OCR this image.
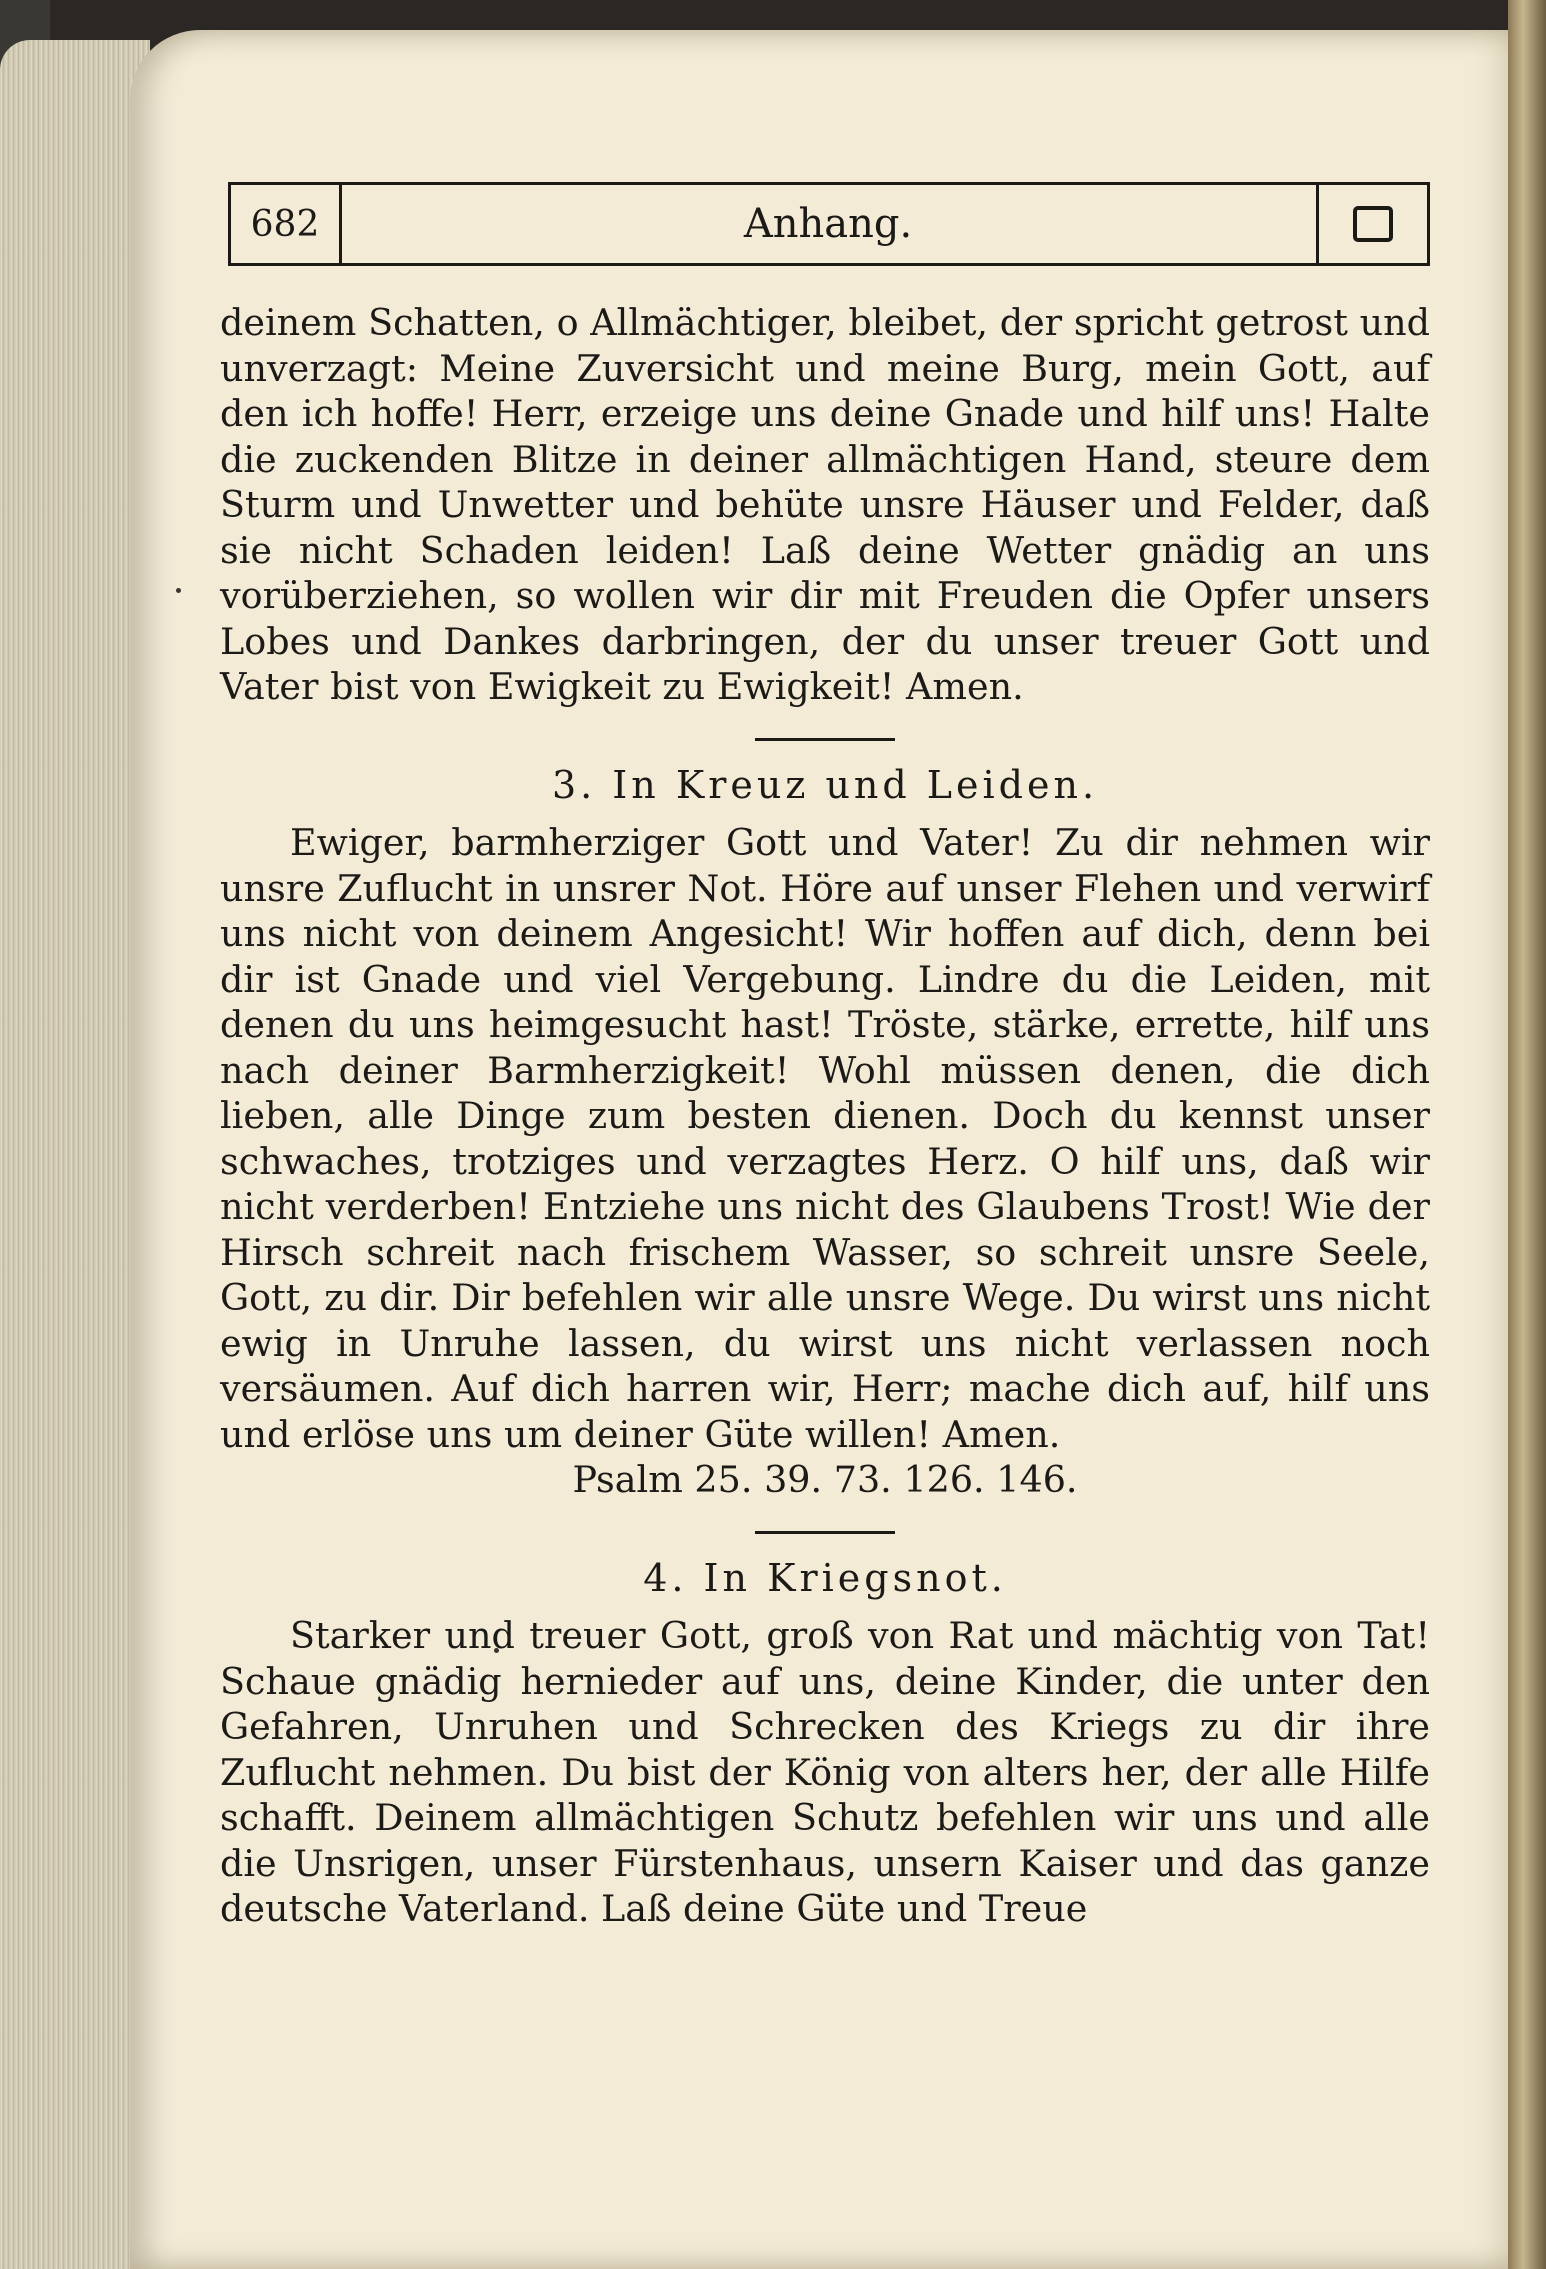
682	Anhang.

deinem Schatten, o Allmächtiger, bleibet, der spricht getrost und unverzagt: Meine Zuversicht und meine Burg, mein Gott, auf den ich hoffe! Herr, erzeige uns deine Gnade und hilf uns! Halte die zuckenden Blitze in deiner allmächtigen Hand, steure dem Sturm und Unwetter und behüte unsre Häuser und Felder, daß sie nicht Schaden leiden! Laß deine Wetter gnädig an uns vorüberziehen, so wollen wir dir mit Freuden die Opfer unsers Lobes und Dankes darbringen, der du unser treuer Gott und Vater bist von Ewigkeit zu Ewigkeit! Amen.

3. In Kreuz und Leiden.

Ewiger, barmherziger Gott und Vater! Zu dir nehmen wir unsre Zuflucht in unsrer Not. Höre auf unser Flehen und verwirf uns nicht von deinem Angesicht! Wir hoffen auf dich, denn bei dir ist Gnade und viel Vergebung. Lindre du die Leiden, mit denen du uns heimgesucht hast! Tröste, stärke, errette, hilf uns nach deiner Barmherzigkeit! Wohl müssen denen, die dich lieben, alle Dinge zum besten dienen. Doch du kennst unser schwaches, trotziges und verzagtes Herz. O hilf uns, daß wir nicht verderben! Entziehe uns nicht des Glaubens Trost! Wie der Hirsch schreit nach frischem Wasser, so schreit unsre Seele, Gott, zu dir. Dir befehlen wir alle unsre Wege. Du wirst uns nicht ewig in Unruhe lassen, du wirst uns nicht verlassen noch versäumen. Auf dich harren wir, Herr; mache dich auf, hilf uns und erlöse uns um deiner Güte willen! Amen.

Psalm 25. 39. 73. 126. 146.

4. In Kriegsnot.

Starker und treuer Gott, groß von Rat und mächtig von Tat! Schaue gnädig hernieder auf uns, deine Kinder, die unter den Gefahren, Unruhen und Schrecken des Kriegs zu dir ihre Zuflucht nehmen. Du bist der König von alters her, der alle Hilfe schafft. Deinem allmächtigen Schutz befehlen wir uns und alle die Unsrigen, unser Fürstenhaus, unsern Kaiser und das ganze deutsche Vaterland. Laß deine Güte und Treue
